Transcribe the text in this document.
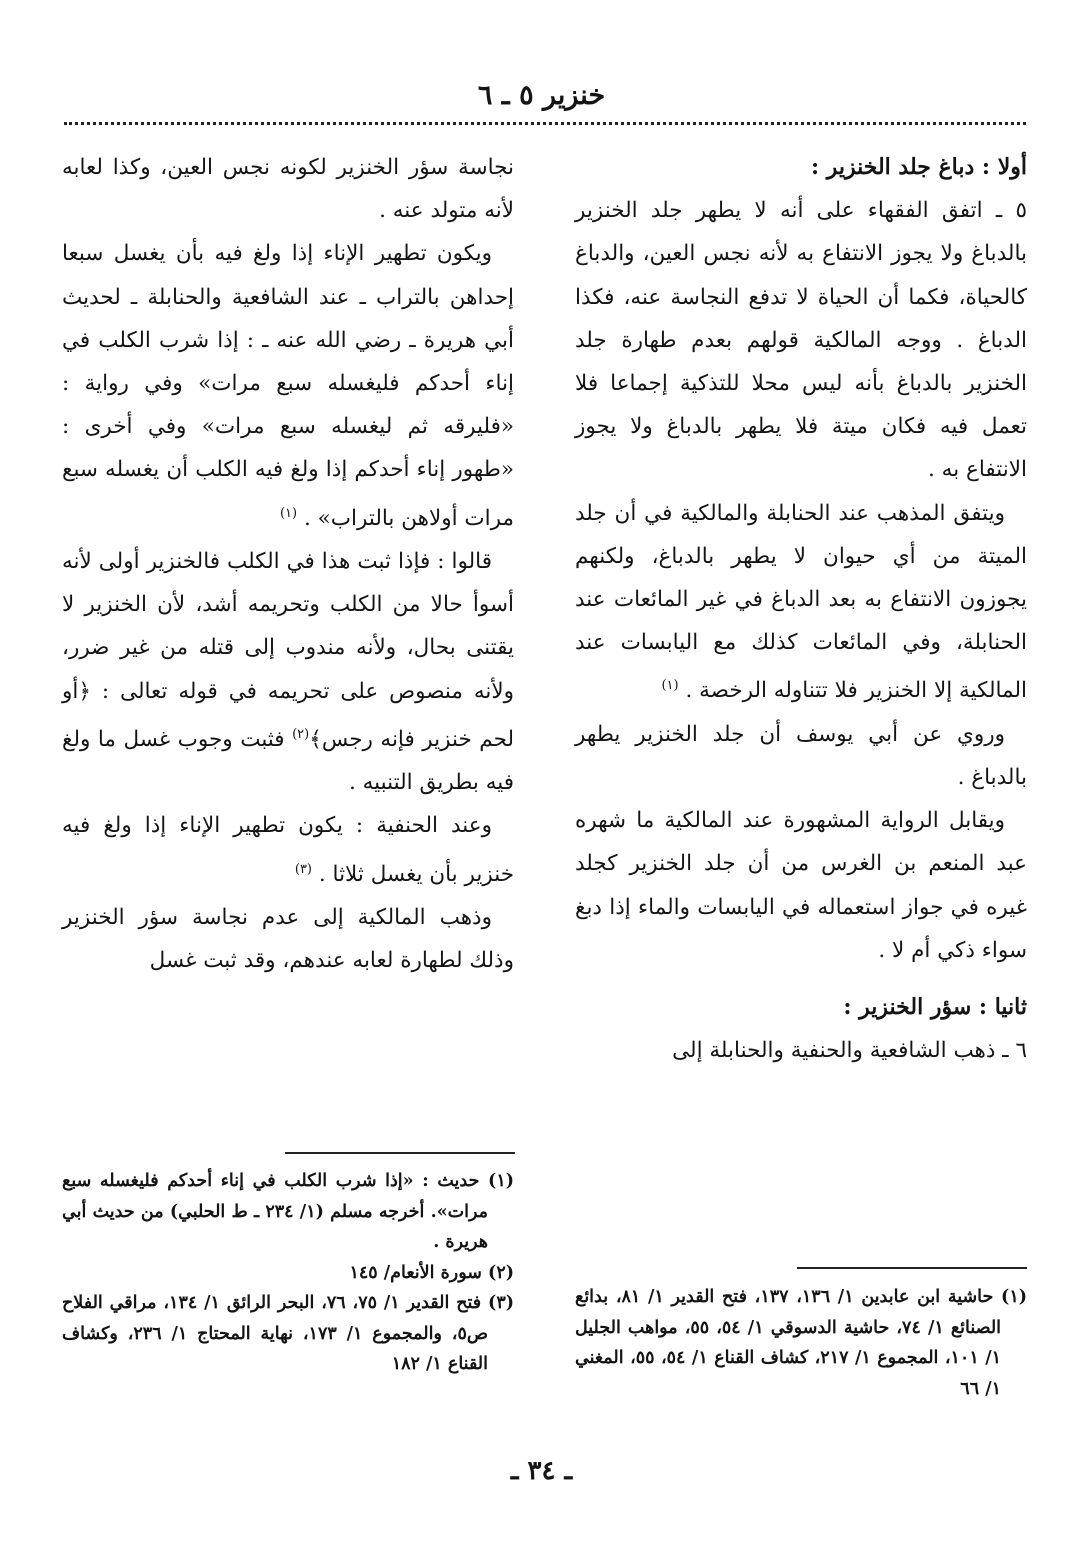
خنزير ٥ ـ ٦

أولا : دباغ جلد الخنزير :

٥ ـ اتفق الفقهاء على أنه لا يطهر جلد الخنزير بالدباغ ولا يجوز الانتفاع به لأنه نجس العين، والدباغ كالحياة، فكما أن الحياة لا تدفع النجاسة عنه، فكذا الدباغ . ووجه المالكية قولهم بعدم طهارة جلد الخنزير بالدباغ بأنه ليس محلا للتذكية إجماعا فلا تعمل فيه فكان ميتة فلا يطهر بالدباغ ولا يجوز الانتفاع به .

ويتفق المذهب عند الحنابلة والمالكية في أن جلد الميتة من أي حيوان لا يطهر بالدباغ، ولكنهم يجوزون الانتفاع به بعد الدباغ في غير المائعات عند الحنابلة، وفي المائعات كذلك مع اليابسات عند المالكية إلا الخنزير فلا تتناوله الرخصة . $^{(١)}$

وروي عن أبي يوسف أن جلد الخنزير يطهر بالدباغ .

ويقابل الرواية المشهورة عند المالكية ما شهره عبد المنعم بن الغرس من أن جلد الخنزير كجلد غيره في جواز استعماله في اليابسات والماء إذا دبغ سواء ذكي أم لا .

ثانيا : سؤر الخنزير :

٦ ـ ذهب الشافعية والحنفية والحنابلة إلى

نجاسة سؤر الخنزير لكونه نجس العين، وكذا لعابه لأنه متولد عنه .

ويكون تطهير الإناء إذا ولغ فيه بأن يغسل سبعا إحداهن بالتراب ـ عند الشافعية والحنابلة ـ لحديث أبي هريرة ـ رضي الله عنه ـ : إذا شرب الكلب في إناء أحدكم فليغسله سبع مرات» وفي رواية : «فليرقه ثم ليغسله سبع مرات» وفي أخرى : «طهور إناء أحدكم إذا ولغ فيه الكلب أن يغسله سبع مرات أولاهن بالتراب» . $^{(١)}$

قالوا : فإذا ثبت هذا في الكلب فالخنزير أولى لأنه أسوأ حالا من الكلب وتحريمه أشد، لأن الخنزير لا يقتنى بحال، ولأنه مندوب إلى قتله من غير ضرر، ولأنه منصوص على تحريمه في قوله تعالى : ﴿أو لحم خنزير فإنه رجس﴾$^{(٢)}$ فثبت وجوب غسل ما ولغ فيه بطريق التنبيه .

وعند الحنفية : يكون تطهير الإناء إذا ولغ فيه خنزير بأن يغسل ثلاثا . $^{(٣)}$

وذهب المالكية إلى عدم نجاسة سؤر الخنزير وذلك لطهارة لعابه عندهم، وقد ثبت غسل

(١) حديث : «إذا شرب الكلب في إناء أحدكم فليغسله سبع مرات». أخرجه مسلم (١/ ٢٣٤ ـ ط الحلبي) من حديث أبي هريرة .

(٢) سورة الأنعام/ ١٤٥

(٣) فتح القدير ١/ ٧٥، ٧٦، البحر الرائق ١/ ١٣٤، مراقي الفلاح ص٥، والمجموع ١/ ١٧٣، نهاية المحتاج ١/ ٢٣٦، وكشاف القناع ١/ ١٨٢

(١) حاشية ابن عابدين ١/ ١٣٦، ١٣٧، فتح القدير ١/ ٨١، بدائع الصنائع ١/ ٧٤، حاشية الدسوقي ١/ ٥٤، ٥٥، مواهب الجليل ١/ ١٠١، المجموع ١/ ٢١٧، كشاف القناع ١/ ٥٤، ٥٥، المغني ١/ ٦٦

ـ ٣٤ ـ
